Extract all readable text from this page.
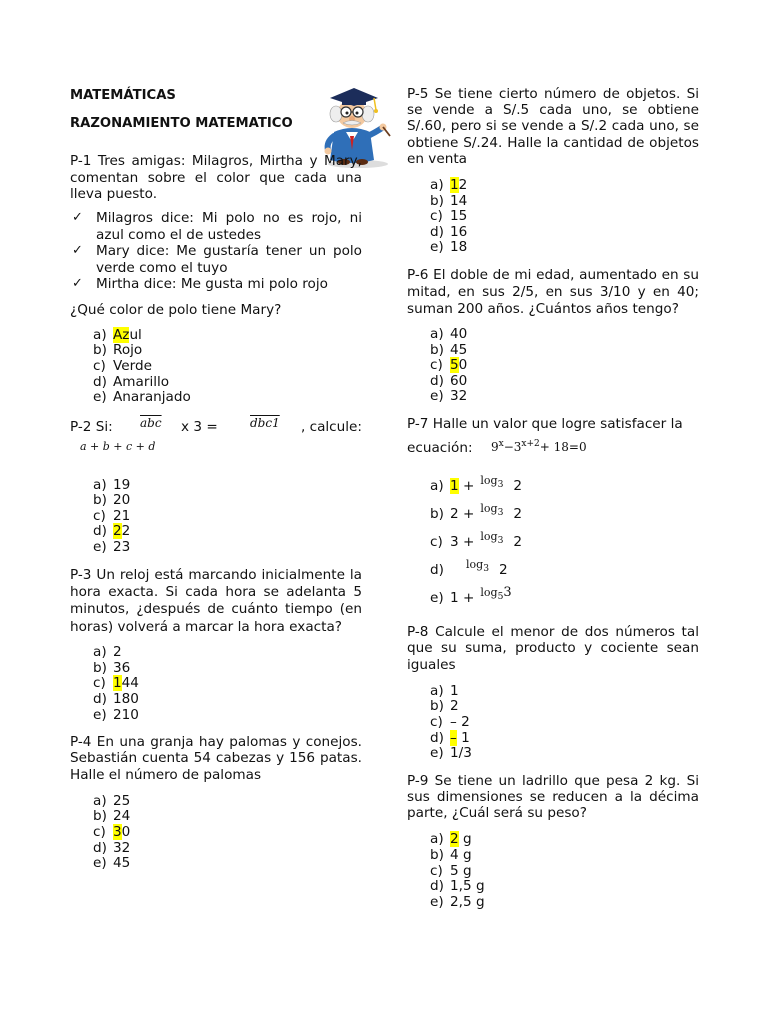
MATEMÁTICAS
RAZONAMIENTO MATEMATICO

P-1 Tres amigas: Milagros, Mirtha y Mary, comentan sobre el color que cada una lleva puesto.

✓ Milagros dice: Mi polo no es rojo, ni azul como el de ustedes
✓ Mary dice: Me gustaría tener un polo verde como el tuyo
✓ Mirtha dice: Me gusta mi polo rojo

¿Qué color de polo tiene Mary?

a) Azul
b) Rojo
c) Verde
d) Amarillo
e) Anaranjado
P-2 Si: $\overline{abc}$ x 3 =	dbc1 , calcule:
a + b + c + d
a) 19
b) 20
c) 21
d) 22
e) 23

P-3 Un reloj está marcando inicialmente la hora exacta. Si cada hora se adelanta 5 minutos, ¿después de cuánto tiempo (en horas) volverá a marcar la hora exacta?

a) 2
b) 36
c) 144
d) 180
e) 210

P-4 En una granja hay palomas y conejos. Sebastián cuenta 54 cabezas y 156 patas. Halle el número de palomas

a) 25
b) 24
c) 30
d) 32
e) 45

P-5 Se tiene cierto número de objetos. Si se vende a S/.5 cada uno, se obtiene S/.60, pero si se vende a S/.2 cada uno, se obtiene S/.24. Halle la cantidad de objetos en venta

a) 12
b) 14
c) 15
d) 16
e) 18

P-6 El doble de mi edad, aumentado en su mitad, en sus 2/5, en sus 3/10 y en 40; suman 200 años. ¿Cuántos años tengo?

a) 40
b) 45
c) 50
d) 60
e) 32

P-7 Halle un valor que logre satisfacer la

ecuación: $9^x-3^{x+2}+ 18=0$
a) 1 + $^{log_3}$ 2
b) 2 + $^{log_3}$ 2
c) 3 + $^{log_3}$ 2
d) $^{log_3}$ 2
e) 1 + $^{log_53}$

P-8 Calcule el menor de dos números tal que su suma, producto y cociente sean iguales

a) 1
b) 2
c) – 2
d) – 1
e) 1/3

P-9 Se tiene un ladrillo que pesa 2 kg. Si sus dimensiones se reducen a la décima parte, ¿Cuál será su peso?

a) 2 g
b) 4 g
c) 5 g
d) 1,5 g
e) 2,5 g
